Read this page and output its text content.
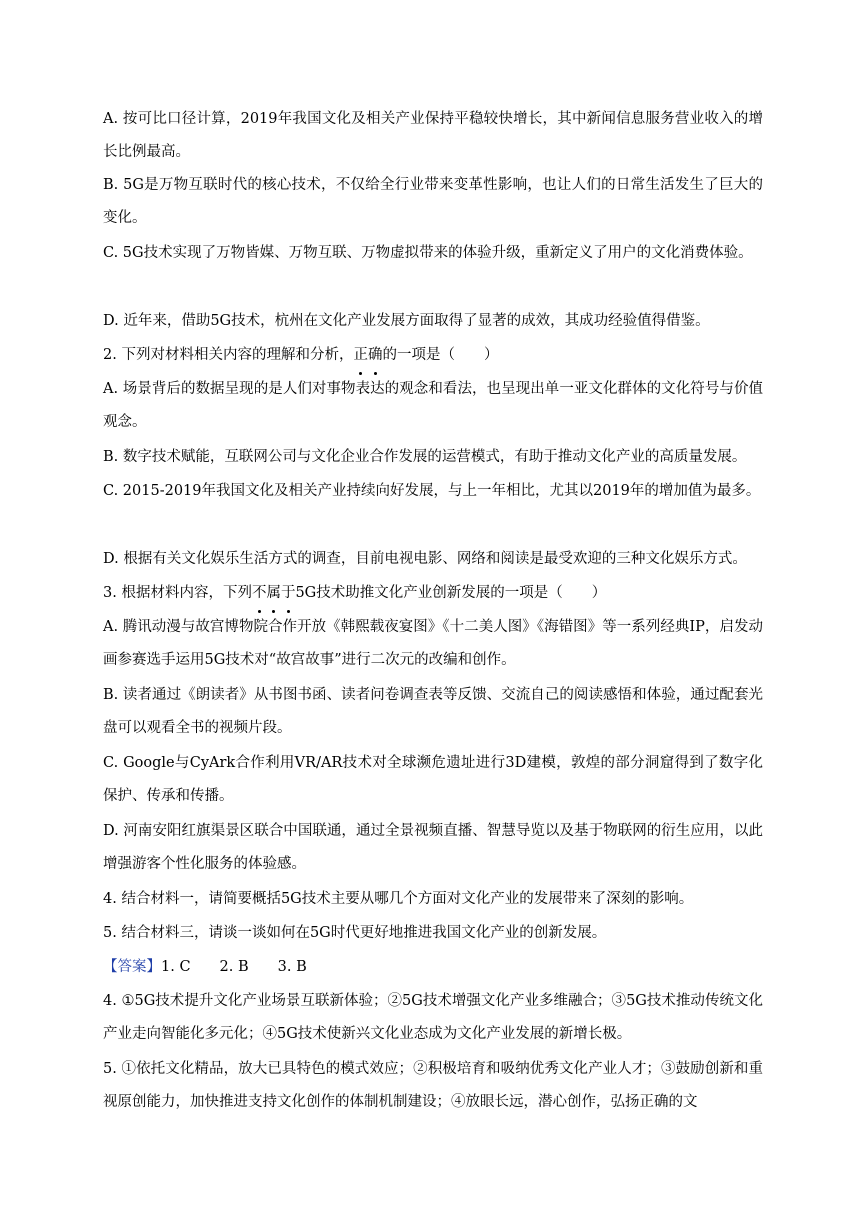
A. 按可比口径计算，2019年我国文化及相关产业保持平稳较快增长，其中新闻信息服务营业收入的增长比例最高。
B. 5G是万物互联时代的核心技术，不仅给全行业带来变革性影响，也让人们的日常生活发生了巨大的变化。
C. 5G技术实现了万物皆媒、万物互联、万物虚拟带来的体验升级，重新定义了用户的文化消费体验。
D. 近年来，借助5G技术，杭州在文化产业发展方面取得了显著的成效，其成功经验值得借鉴。
2. 下列对材料相关内容的理解和分析，正确的一项是（　　）
A. 场景背后的数据呈现的是人们对事物表达的观念和看法，也呈现出单一亚文化群体的文化符号与价值观念。
B. 数字技术赋能，互联网公司与文化企业合作发展的运营模式，有助于推动文化产业的高质量发展。
C. 2015-2019年我国文化及相关产业持续向好发展，与上一年相比，尤其以2019年的增加值为最多。
D. 根据有关文化娱乐生活方式的调查，目前电视电影、网络和阅读是最受欢迎的三种文化娱乐方式。
3. 根据材料内容，下列不属于5G技术助推文化产业创新发展的一项是（　　）
A. 腾讯动漫与故宫博物院合作开放《韩熙载夜宴图》《十二美人图》《海错图》等一系列经典IP，启发动画参赛选手运用5G技术对“故宫故事”进行二次元的改编和创作。
B. 读者通过《朗读者》从书图书函、读者问卷调查表等反馈、交流自己的阅读感悟和体验，通过配套光盘可以观看全书的视频片段。
C. Google与CyArk合作利用VR/AR技术对全球濒危遗址进行3D建模，敦煌的部分洞窟得到了数字化保护、传承和传播。
D. 河南安阳红旗渠景区联合中国联通，通过全景视频直播、智慧导览以及基于物联网的衍生应用，以此增强游客个性化服务的体验感。
4. 结合材料一，请简要概括5G技术主要从哪几个方面对文化产业的发展带来了深刻的影响。
5. 结合材料三，请谈一谈如何在5G时代更好地推进我国文化产业的创新发展。
【答案】1. C　　2. B　　3. B
4. ①5G技术提升文化产业场景互联新体验；②5G技术增强文化产业多维融合；③5G技术推动传统文化产业走向智能化多元化；④5G技术使新兴文化业态成为文化产业发展的新增长极。
5. ①依托文化精品，放大已具特色的模式效应；②积极培育和吸纳优秀文化产业人才；③鼓励创新和重视原创能力，加快推进支持文化创作的体制机制建设；④放眼长远，潜心创作，弘扬正确的文
